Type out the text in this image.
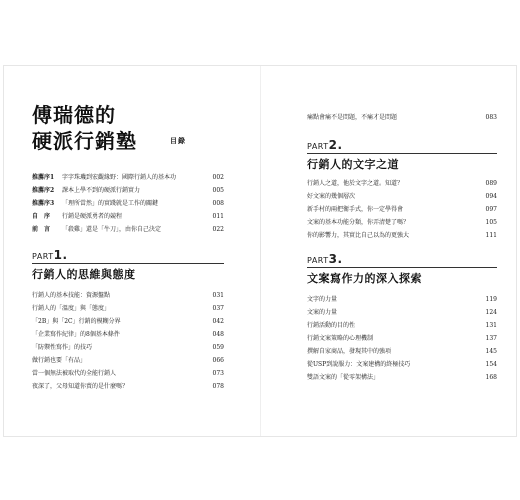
傅瑞德的
硬派行銷塾	目錄
推薦序1	字字珠璣到宏觀緣野：國際行銷人的基本功	002
推薦序2	課本上學不到的硬派行銷實力	005
推薦序3	「理所當然」的實踐就是工作的關鍵	008
自　序	行銷是硬派勇者的競程	011
前　言	「殺雞」還是「牛刀」，由你自己決定	022
PART1.
行銷人的思維與態度
行銷人的基本技能：資源盤點	031
行銷人的「溫度」與「態度」	037
「2B」與「2C」行銷的模糊分界	042
「企業寫作紀律」的8個基本條件	048
「防禦性寫作」的技巧	059
做行銷也要「有品」	066
當一個無法被取代的全能行銷人	073
夜深了，父母知道你賣的是什麼嗎？	078
痛點會痛不是問題，不痛才是問題	083
PART2.
行銷人的文字之道
行銷人之道，他於文字之道。知道？	089
好文案的幾個層次	094
新手村的兩把衛手式，你一定學得會	097
文案的基本功能分類，你弄清楚了嗎？	105
你的影響力，其實比自己以為的更強大	111
PART3.
文案寫作力的深入探索
文字的力量	119
文案的力量	124
行銷活動的目的性	131
行銷文案策略的心理機制	137
撰解自家商品，發現其中的強項	145
從USP到說服力：文案建構的終極技巧	154
雙語文案的「從零架構法」	168
